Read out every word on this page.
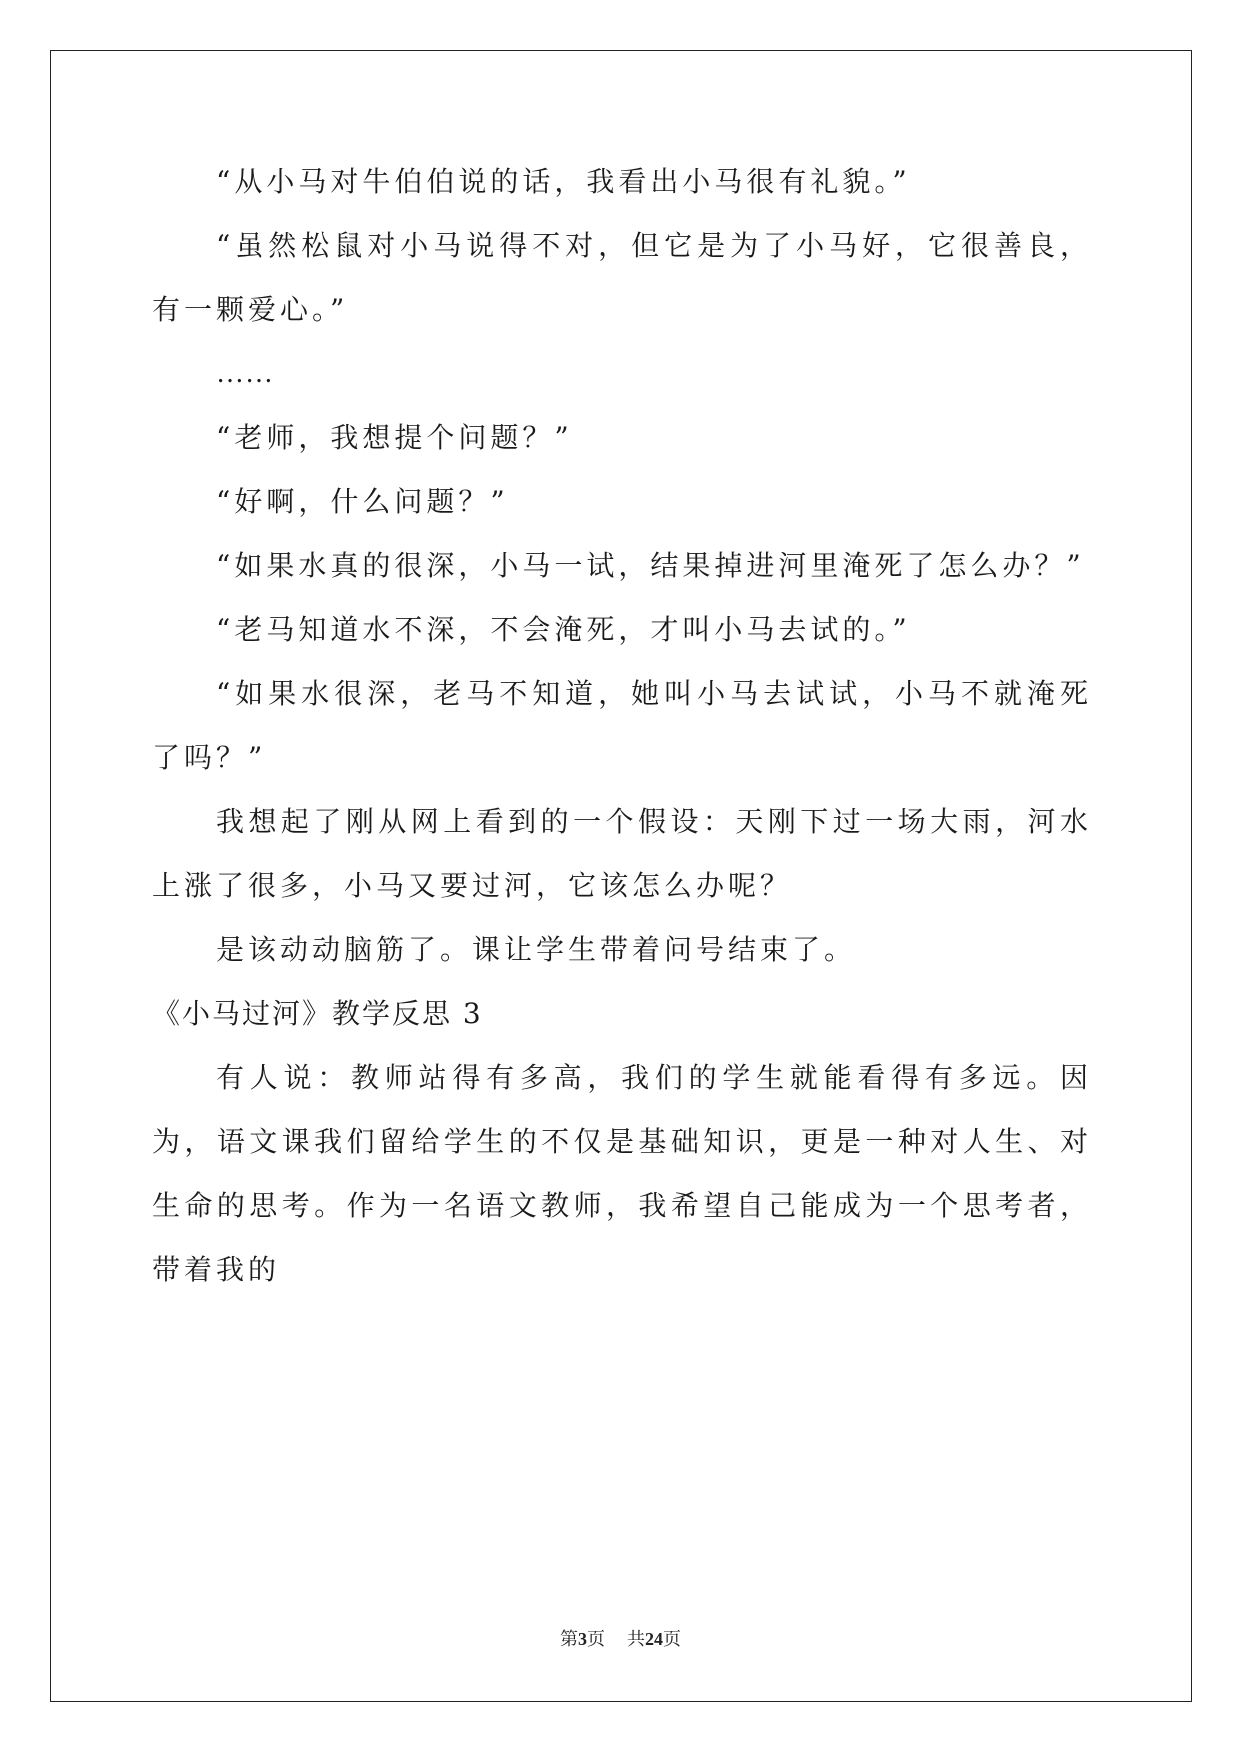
“从小马对牛伯伯说的话，我看出小马很有礼貌。”

“虽然松鼠对小马说得不对，但它是为了小马好，它很善良，有一颗爱心。”

……

“老师，我想提个问题？”

“好啊，什么问题？”

“如果水真的很深，小马一试，结果掉进河里淹死了怎么办？”

“老马知道水不深，不会淹死，才叫小马去试的。”

“如果水很深，老马不知道，她叫小马去试试，小马不就淹死了吗？”

我想起了刚从网上看到的一个假设：天刚下过一场大雨，河水上涨了很多，小马又要过河，它该怎么办呢？

是该动动脑筋了。课让学生带着问号结束了。

《小马过河》教学反思 3

有人说：教师站得有多高，我们的学生就能看得有多远。因为，语文课我们留给学生的不仅是基础知识，更是一种对人生、对生命的思考。作为一名语文教师，我希望自己能成为一个思考者，带着我的

第3页 共24页
